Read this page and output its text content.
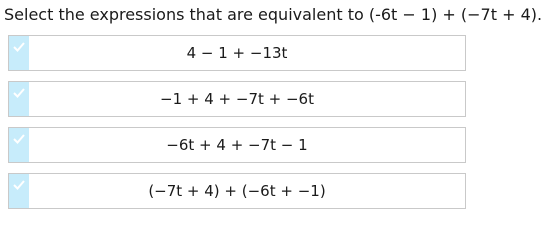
Select the expressions that are equivalent to (-6t − 1) + (−7t + 4).
4 − 1 + −13t
−1 + 4 + −7t + −6t
−6t + 4 + −7t − 1
(−7t + 4) + (−6t + −1)
